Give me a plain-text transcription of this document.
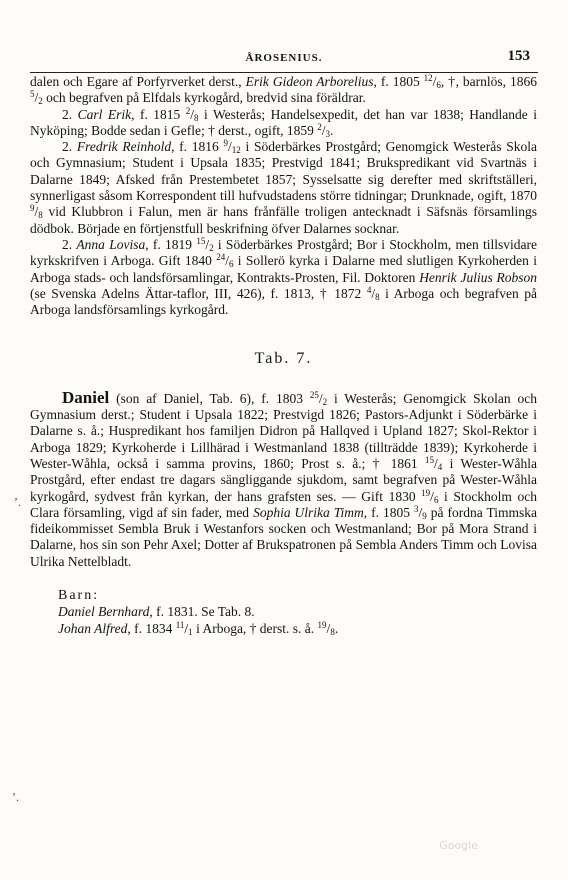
ÅROSENIUS.	153

dalen och Egare af Porfyrverket derst., Erik Gideon Arborelius, f. 1805 $^{12}/_6$, †, barnlös, 1866 $^5/_2$ och begrafven på Elfdals kyrkogård, bredvid sina föräldrar.

2. Carl Erik, f. 1815 $^2/_8$ i Westerås; Handelsexpedit, det han var 1838; Handlande i Nyköping; Bodde sedan i Gefle; † derst., ogift, 1859 $^2/_3$.

2. Fredrik Reinhold, f. 1816 $^9/_{12}$ i Söderbärkes Prostgård; Genomgick Westerås Skola och Gymnasium; Student i Upsala 1835; Prestvigd 1841; Brukspredikant vid Svartnäs i Dalarne 1849; Afsked från Prestembetet 1857; Sysselsatte sig derefter med skriftställeri, synnerligast såsom Korrespondent till hufvudstadens större tidningar; Drunknade, ogift, 1870 $^9/_8$ vid Klubbron i Falun, men är hans frånfälle troligen antecknadt i Säfsnäs församlings dödbok. Började en förtjenstfull beskrifning öfver Dalarnes socknar.

2. Anna Lovisa, f. 1819 $^{15}/_2$ i Söderbärkes Prostgård; Bor i Stockholm, men tillsvidare kyrkskrifven i Arboga. Gift 1840 $^{24}/_6$ i Sollerö kyrka i Dalarne med slutligen Kyrkoherden i Arboga stads- och landsförsamlingar, Kontrakts-Prosten, Fil. Doktoren Henrik Julius Robson (se Svenska Adelns Ättar-taflor, III, 426), f. 1813, † 1872 $^4/_8$ i Arboga och begrafven på Arboga landsförsamlings kyrkogård.

Tab. 7.

Daniel (son af Daniel, Tab. 6), f. 1803 $^{25}/_2$ i Westerås; Genomgick Skolan och Gymnasium derst.; Student i Upsala 1822; Prestvigd 1826; Pastors-Adjunkt i Söderbärke i Dalarne s. å.; Huspredikant hos familjen Didron på Hallqved i Upland 1827; Skol-Rektor i Arboga 1829; Kyrkoherde i Lillhärad i Westmanland 1838 (tillträdde 1839); Kyrkoherde i Wester-Wåhla, också i samma provins, 1860; Prost s. å.; † 1861 $^{15}/_4$ i Wester-Wåhla Prostgård, efter endast tre dagars sängliggande sjukdom, samt begrafven på Wester-Wåhla kyrkogård, sydvest från kyrkan, der hans grafsten ses. — Gift 1830 $^{19}/_6$ i Stockholm och Clara församling, vigd af sin fader, med Sophia Ulrika Timm, f. 1805 $^3/_9$ på fordna Timmska fideikommisset Sembla Bruk i Westanfors socken och Westmanland; Bor på Mora Strand i Dalarne, hos sin son Pehr Axel; Dotter af Brukspatronen på Sembla Anders Timm och Lovisa Ulrika Nettelbladt.

Barn:

Daniel Bernhard, f. 1831. Se Tab. 8.

Johan Alfred, f. 1834 $^{11}/_1$ i Arboga, † derst. s. å. $^{19}/_8$.

ʼ.
ʼ.
Google
